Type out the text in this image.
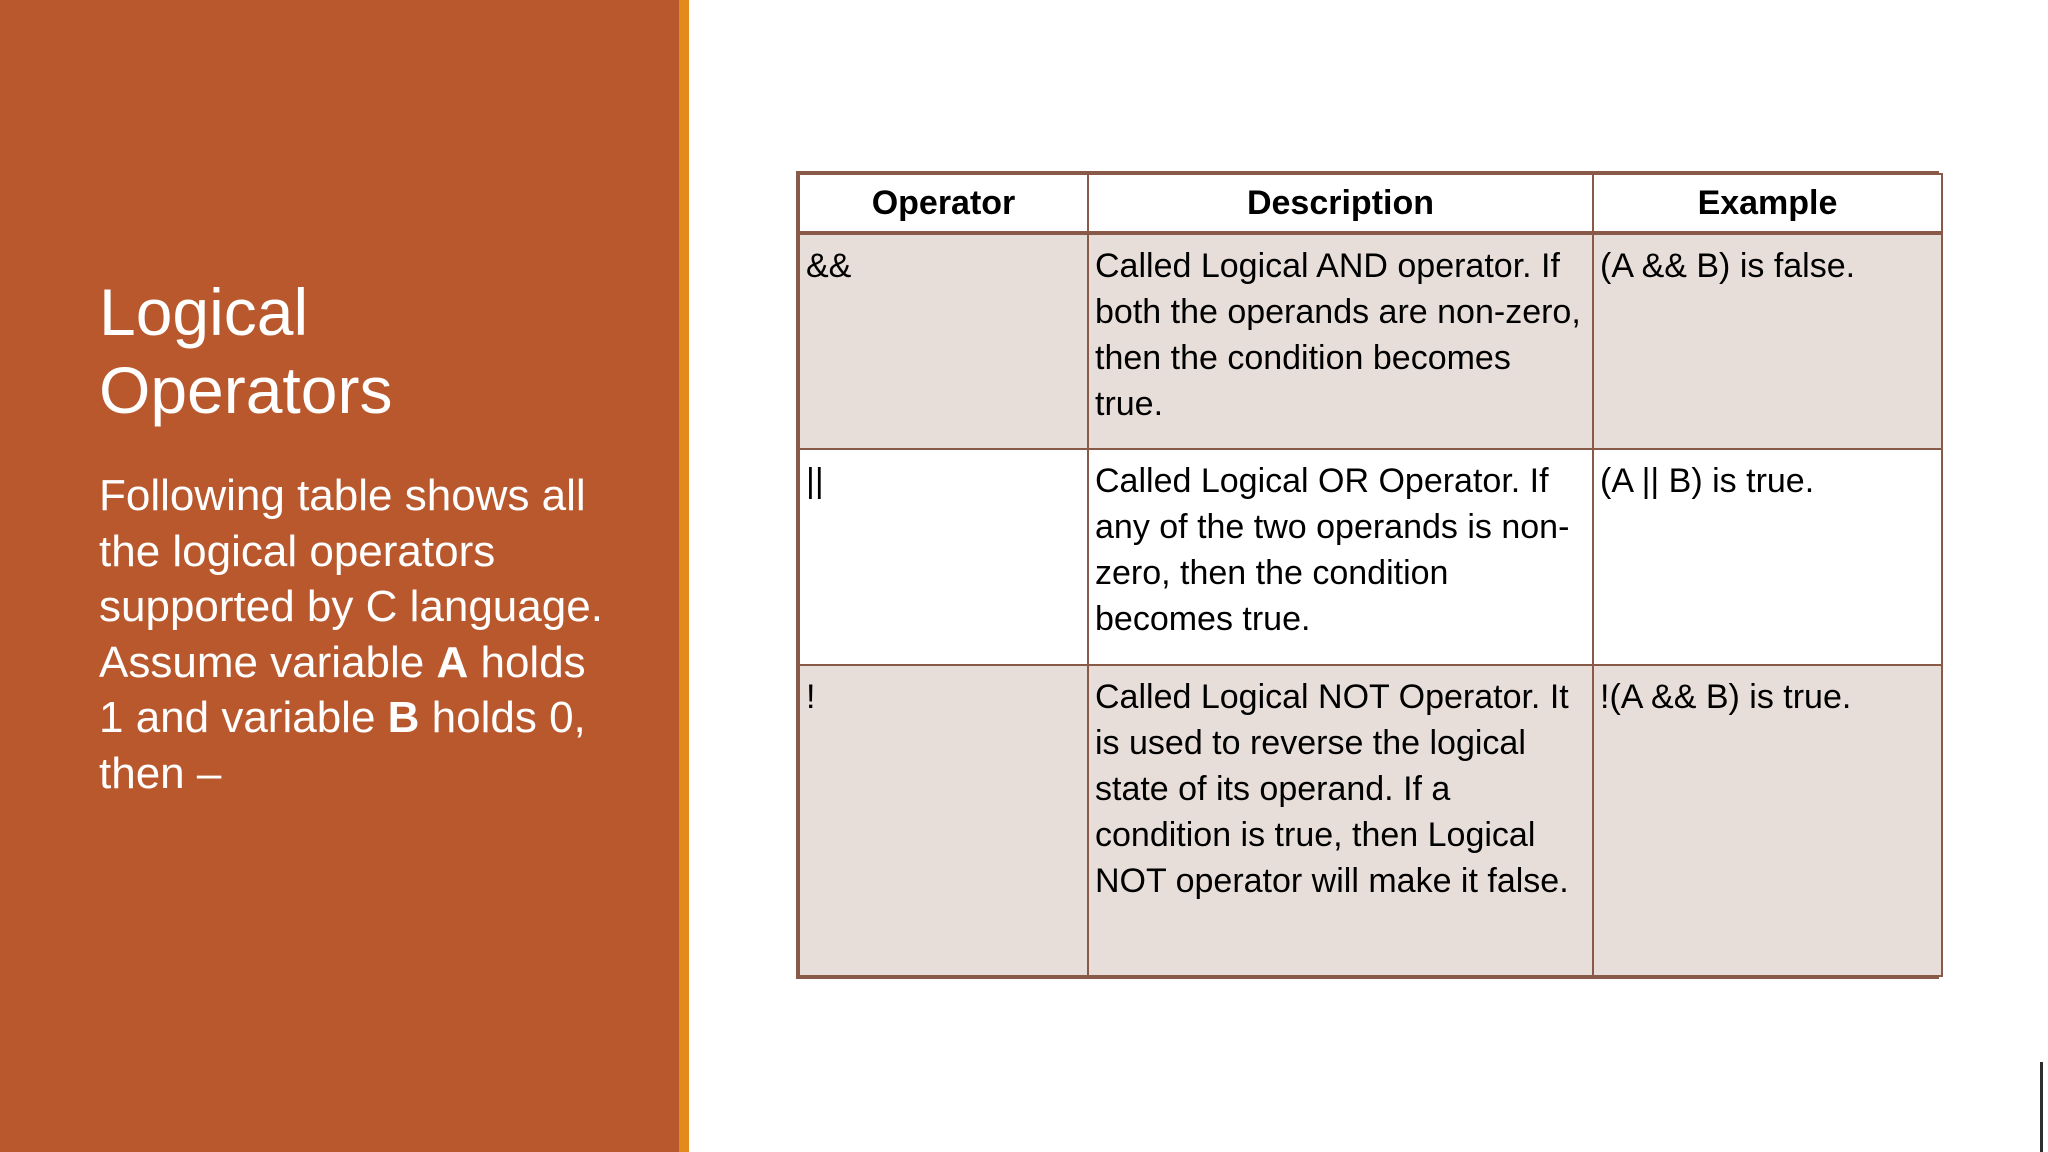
Logical
Operators
Following table shows all the logical operators supported by C language. Assume variable A holds 1 and variable B holds 0, then –
Operator	Description	Example
&&	Called Logical AND operator. If both the operands are non-zero, then the condition becomes true.	(A && B) is false.
||	Called Logical OR Operator. If any of the two operands is non-zero, then the condition becomes true.	(A || B) is true.
!	Called Logical NOT Operator. It is used to reverse the logical state of its operand. If a condition is true, then Logical NOT operator will make it false.	!(A && B) is true.
